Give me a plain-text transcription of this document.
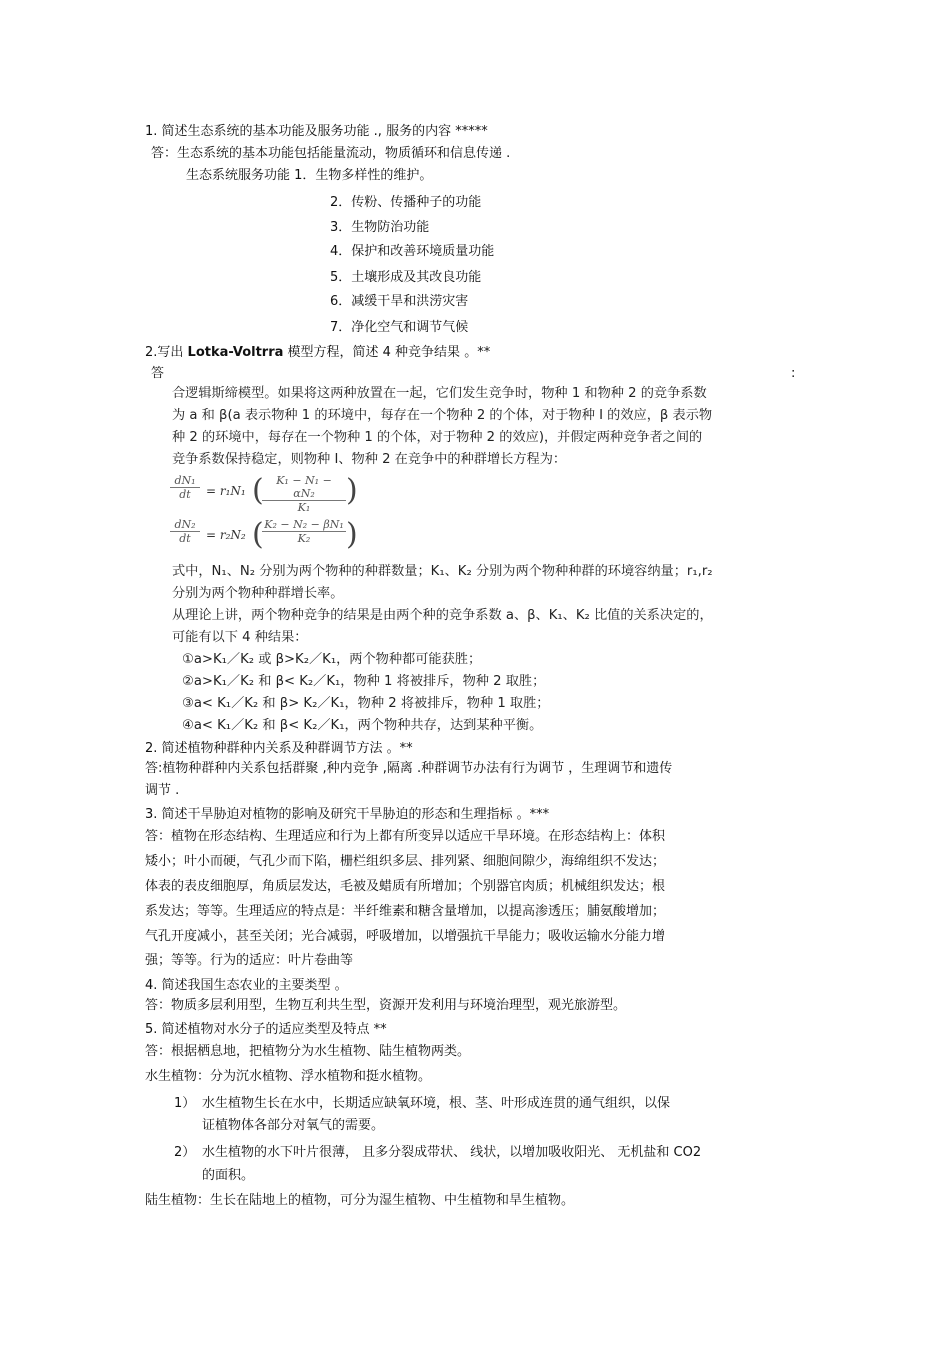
1. 简述生态系统的基本功能及服务功能 ., 服务的内容 *****
答：生态系统的基本功能包括能量流动，物质循环和信息传递 .
生态系统服务功能 1．生物多样性的维护。
2．传粉、传播种子的功能
3．生物防治功能
4．保护和改善环境质量功能
5．土壤形成及其改良功能
6．减缓干旱和洪涝灾害
7．净化空气和调节气候
2.写出 Lotka-Voltrra 模型方程，简述 4 种竞争结果 。**
答	:
合逻辑斯缔模型。如果将这两种放置在一起，它们发生竞争时，物种 1 和物种 2 的竞争系数
为 a 和 β(a 表示物种 1 的环境中，每存在一个物种 2 的个体，对于物种 I 的效应，β 表示物
种 2 的环境中，每存在一个物种 1 的个体，对于物种 2 的效应)，并假定两种竞争者之间的
竞争系数保持稳定，则物种 I、物种 2 在竞争中的种群增长方程为：
$\frac{\text{dN₁}}{dt} = r_1N_1$ (
$\frac{\text{K₁ − N₁ − αN₂}}{\text{K₁}}$ )
$\frac{\text{dN₂}}{dt} = r_2N_2$ (
$\frac{\text{K₂ − N₂ − βN₁}}{\text{K₂}}$ )
式中，N₁、N₂ 分别为两个物种的种群数量；K₁、K₂ 分别为两个物种种群的环境容纳量；r₁,r₂
分别为两个物种种群增长率。
从理论上讲，两个物种竞争的结果是由两个种的竞争系数 a、β、K₁、K₂ 比值的关系决定的，
可能有以下 4 种结果：
①a>K₁／K₂ 或 β>K₂／K₁，两个物种都可能获胜；
②a>K₁／K₂ 和 β< K₂／K₁，物种 1 将被排斥，物种 2 取胜；
③a< K₁／K₂ 和 β> K₂／K₁，物种 2 将被排斥，物种 1 取胜；
④a< K₁／K₂ 和 β< K₂／K₁，两个物种共存，达到某种平衡。
2. 简述植物种群种内关系及种群调节方法 。**
答:植物种群种内关系包括群聚 ,种内竞争 ,隔离 .种群调节办法有行为调节 ，生理调节和遗传
调节 .
3. 简述干旱胁迫对植物的影响及研究干旱胁迫的形态和生理指标 。***
答：植物在形态结构、生理适应和行为上都有所变异以适应干旱环境。在形态结构上：体积
矮小；叶小而硬，气孔少而下陷，栅栏组织多层、排列紧、细胞间隙少，海绵组织不发达；
体表的表皮细胞厚，角质层发达，毛被及蜡质有所增加；个别器官肉质；机械组织发达；根
系发达；等等。生理适应的特点是：半纤维素和糖含量增加，以提高渗透压；脯氨酸增加；
气孔开度减小，甚至关闭；光合减弱，呼吸增加，以增强抗干旱能力；吸收运输水分能力增
强；等等。行为的适应：叶片卷曲等
4. 简述我国生态农业的主要类型 。
答：物质多层利用型，生物互利共生型，资源开发利用与环境治理型，观光旅游型。
5. 简述植物对水分子的适应类型及特点 **
答：根据栖息地，把植物分为水生植物、陆生植物两类。
水生植物：分为沉水植物、浮水植物和挺水植物。
1） 水生植物生长在水中，长期适应缺氧环境，根、茎、叶形成连贯的通气组织，以保
证植物体各部分对氧气的需要。
2） 水生植物的水下叶片很薄， 且多分裂成带状、 线状，以增加吸收阳光、 无机盐和 CO2
的面积。
陆生植物：生长在陆地上的植物，可分为湿生植物、中生植物和旱生植物。
